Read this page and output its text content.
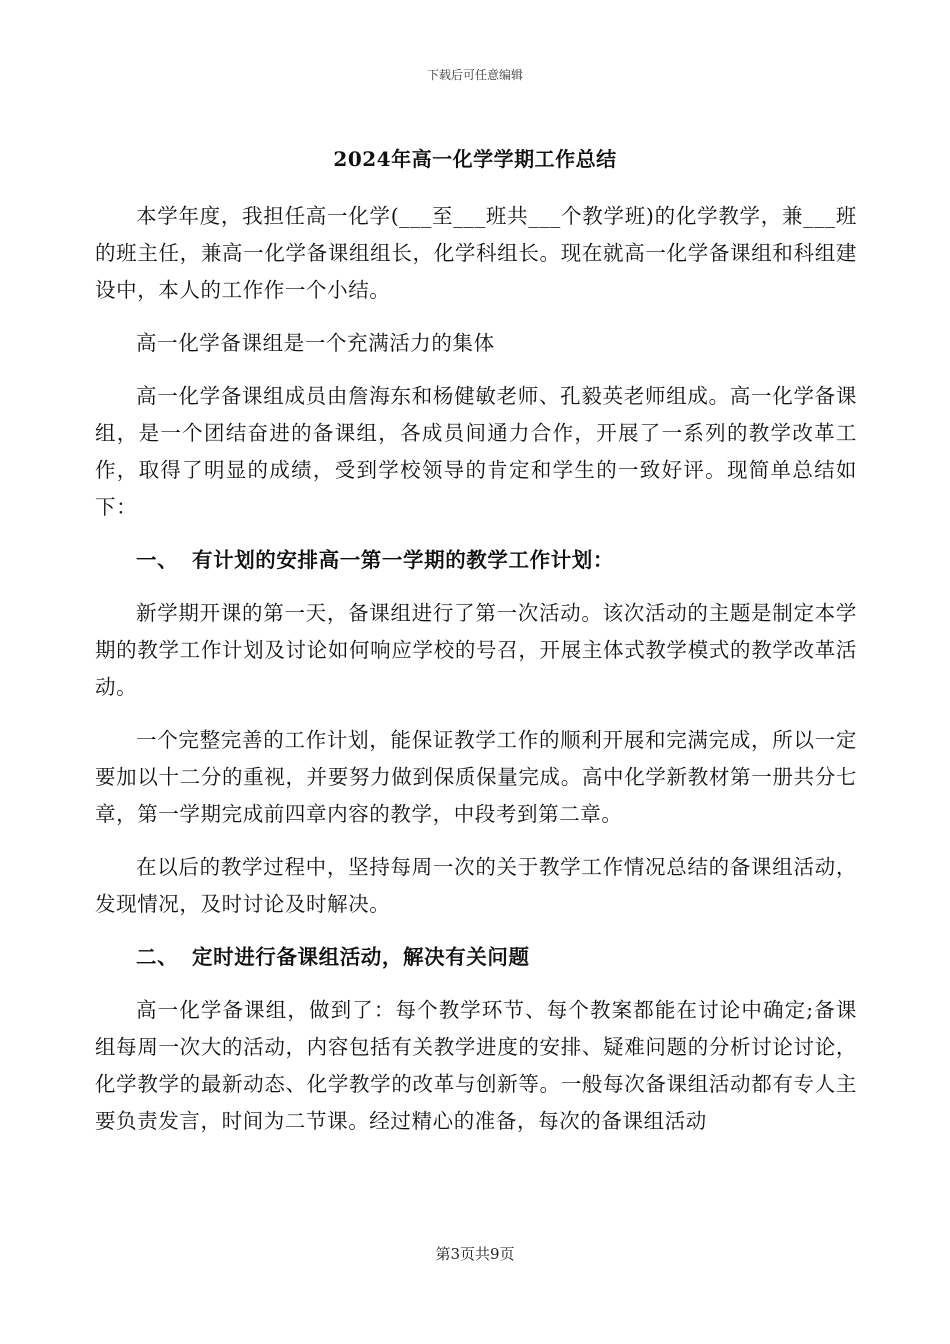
下载后可任意编辑
2024年高一化学学期工作总结

本学年度，我担任高一化学(___至___班共___个教学班)的化学教学，兼___班的班主任，兼高一化学备课组组长，化学科组长。现在就高一化学备课组和科组建设中，本人的工作作一个小结。

高一化学备课组是一个充满活力的集体

高一化学备课组成员由詹海东和杨健敏老师、孔毅英老师组成。高一化学备课组，是一个团结奋进的备课组，各成员间通力合作，开展了一系列的教学改革工作，取得了明显的成绩，受到学校领导的肯定和学生的一致好评。现简单总结如下：

一、 有计划的安排高一第一学期的教学工作计划：

新学期开课的第一天，备课组进行了第一次活动。该次活动的主题是制定本学期的教学工作计划及讨论如何响应学校的号召，开展主体式教学模式的教学改革活动。

一个完整完善的工作计划，能保证教学工作的顺利开展和完满完成，所以一定要加以十二分的重视，并要努力做到保质保量完成。高中化学新教材第一册共分七章，第一学期完成前四章内容的教学，中段考到第二章。

在以后的教学过程中，坚持每周一次的关于教学工作情况总结的备课组活动，发现情况，及时讨论及时解决。

二、 定时进行备课组活动，解决有关问题

高一化学备课组，做到了：每个教学环节、每个教案都能在讨论中确定;备课组每周一次大的活动，内容包括有关教学进度的安排、疑难问题的分析讨论讨论，化学教学的最新动态、化学教学的改革与创新等。一般每次备课组活动都有专人主要负责发言，时间为二节课。经过精心的准备，每次的备课组活动

第3页共9页
